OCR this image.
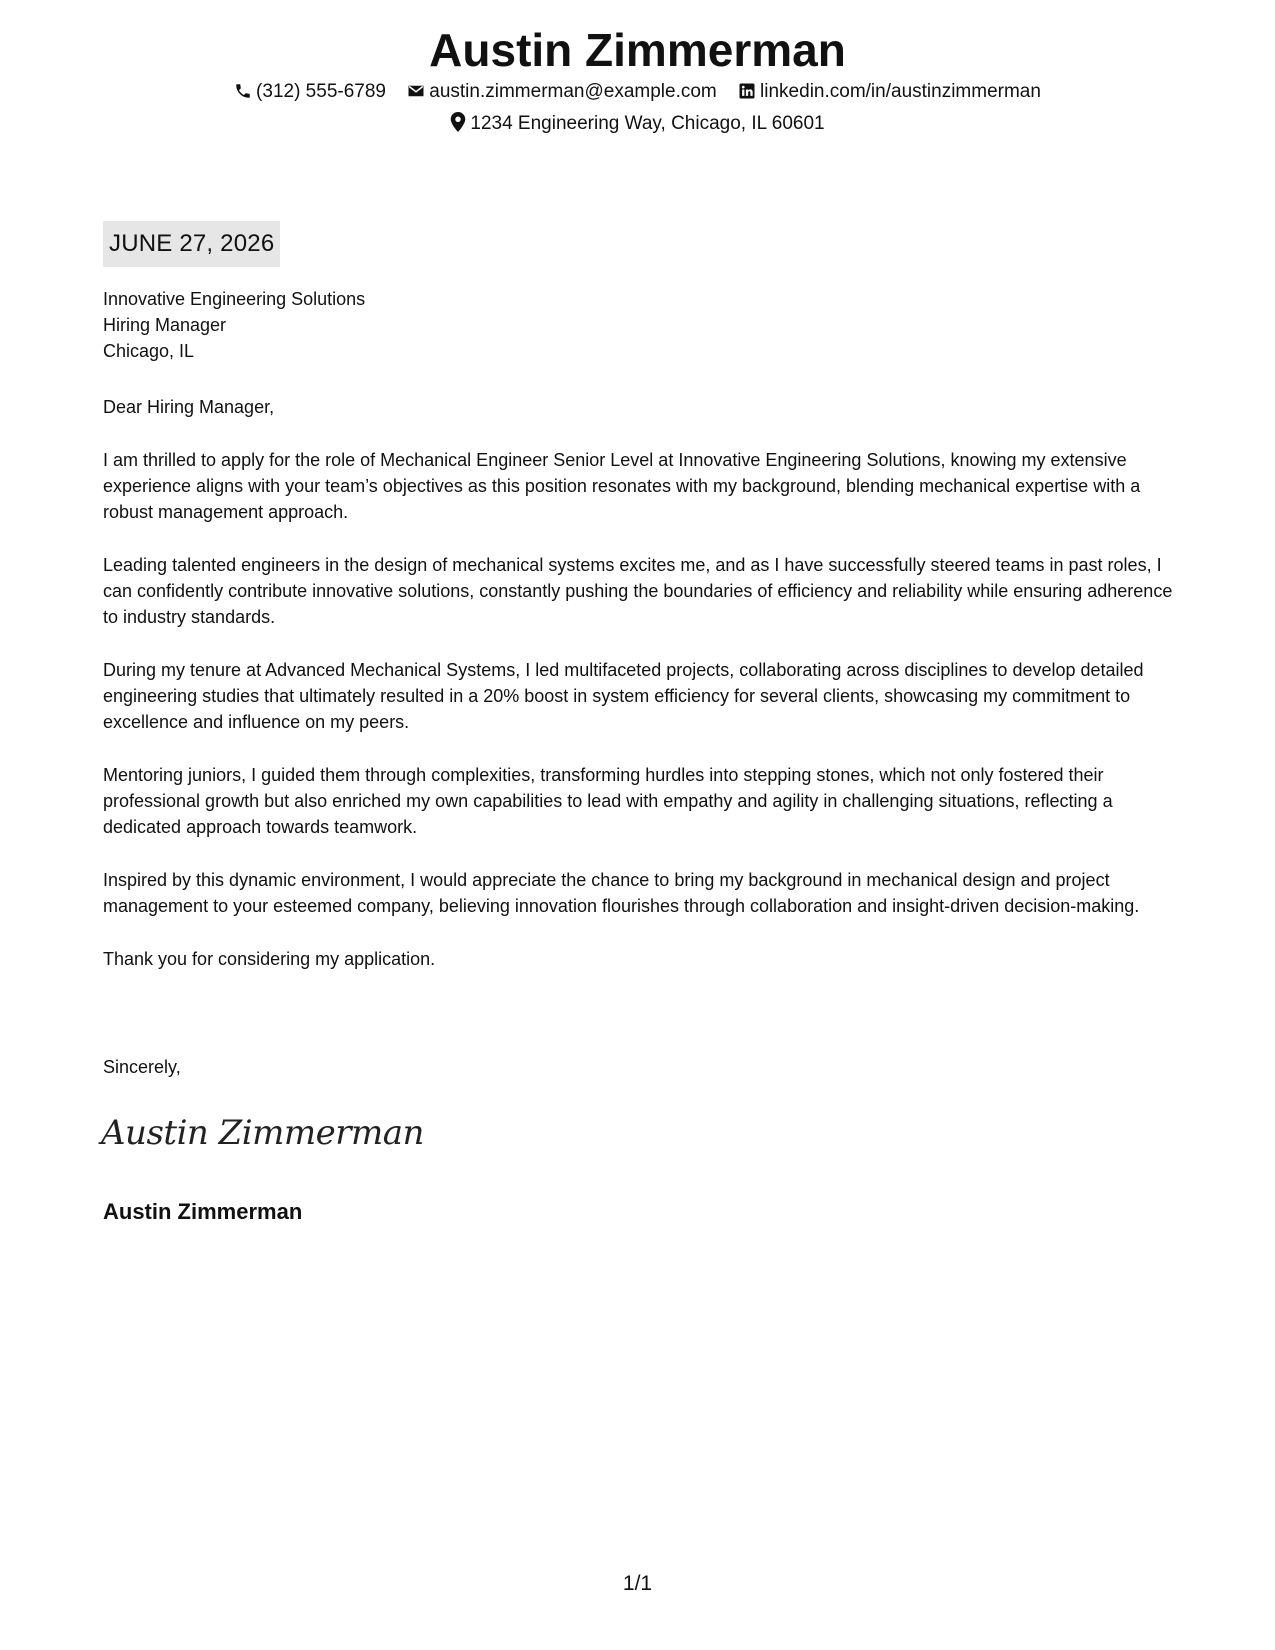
Austin Zimmerman
(312) 555-6789 austin.zimmerman@example.com linkedin.com/in/austinzimmerman
1234 Engineering Way, Chicago, IL 60601
JUNE 27, 2026
Innovative Engineering Solutions
Hiring Manager
Chicago, IL
Dear Hiring Manager,

I am thrilled to apply for the role of Mechanical Engineer Senior Level at Innovative Engineering Solutions, knowing my extensive experience aligns with your team’s objectives as this position resonates with my background, blending mechanical expertise with a robust management approach.

Leading talented engineers in the design of mechanical systems excites me, and as I have successfully steered teams in past roles, I can confidently contribute innovative solutions, constantly pushing the boundaries of efficiency and reliability while ensuring adherence to industry standards.

During my tenure at Advanced Mechanical Systems, I led multifaceted projects, collaborating across disciplines to develop detailed engineering studies that ultimately resulted in a 20% boost in system efficiency for several clients, showcasing my commitment to excellence and influence on my peers.

Mentoring juniors, I guided them through complexities, transforming hurdles into stepping stones, which not only fostered their professional growth but also enriched my own capabilities to lead with empathy and agility in challenging situations, reflecting a dedicated approach towards teamwork.

Inspired by this dynamic environment, I would appreciate the chance to bring my background in mechanical design and project management to your esteemed company, believing innovation flourishes through collaboration and insight-driven decision-making.

Thank you for considering my application.

Sincerely,
Austin Zimmerman
Austin Zimmerman
1/1
